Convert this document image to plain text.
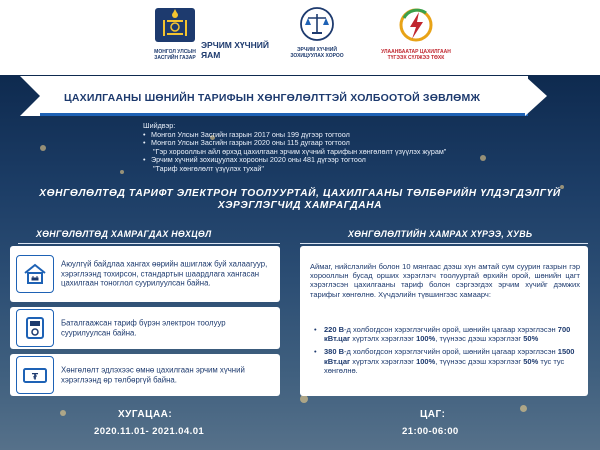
МОНГОЛ УЛСЫН ЗАСГИЙН ГАЗАР
ЭРЧИМ ХҮЧНИЙ
ЯАМ	ЭРЧИМ ХҮЧНИЙ
ЗОХИЦУУЛАХ ХОРОО
УЛААНБААТАР ЦАХИЛГААН
ТҮГЭЭХ СҮЛЖЭЭ ТӨХК
ЦАХИЛГААНЫ ШӨНИЙН ТАРИФЫН ХӨНГӨЛӨЛТТЭЙ ХОЛБООТОЙ ЗӨВЛӨМЖ
Шийдвэр:
• Монгол Улсын Засгийн газрын 2017 оны 199 дүгээр тогтоол
• Монгол Улсын Засгийн газрын 2020 оны 115 дугаар тогтоол
"Гэр хорооллын айл өрхэд цахилгаан эрчим хүчний тарифын хөнгөлөлт үзүүлэх журам"
• Эрчим хүчний зохицуулах хорооны 2020 оны 481 дүгээр тогтоол
"Тариф хөнгөлөлт үзүүлэх тухай"
ХӨНГӨЛӨЛТӨД ТАРИФТ ЭЛЕКТРОН ТООЛУУРТАЙ, ЦАХИЛГААНЫ ТӨЛБӨРИЙН ҮЛДЭГДЭЛГҮЙ
ХЭРЭГЛЭГЧИД ХАМРАГДАНА
ХӨНГӨЛӨЛТӨД ХАМРАГДАХ НӨХЦӨЛ	ХӨНГӨЛӨЛТИЙН ХАМРАХ ХҮРЭЭ, ХУВЬ
Аюулгүй байдлаа хангах өөрийн ашиглаж буй халаагуур, хэрэглээнд тохирсон, стандартын шаардлага хангасан цахилгаан тоноглол суурилуулсан байна.
Баталгаажсан тариф бүрэн электрон тоолуур суурилуулсан байна.
₮
Хөнгөлөлт эдлэхээс өмнө цахилгаан эрчим хүчний хэрэглээнд өр төлбөргүй байна.
Аймаг, нийслэлийн болон 10 мянгаас дээш хүн амтай сум суурин газрын гэр хорооллын бусад орших хэрэглэгч тоолууртай өрхийн орой, шөнийн цагт хэрэглэсэн цахилгааны тариф болон сэргээгдэх эрчим хүчийг дэмжих тарифыг хөнгөлнө. Хүчдэлийн түвшингээс хамаарч:
• 220 В-д холбогдсон хэрэглэгчийн орой, шөнийн цагаар хэрэглэсэн 700 кВт.цаг хүртэлх хэрэглээг 100%, түүнээс дээш хэрэглээг 50%
• 380 В-д холбогдсон хэрэглэгчийн орой, шөнийн цагаар хэрэглэсэн 1500 кВт.цаг хүртэлх хэрэглээг 100%, түүнээс дээш хэрэглээг 50% тус тус хөнгөлнө.
ХУГАЦАА:
2020.11.01- 2021.04.01
ЦАГ:
21:00-06:00
